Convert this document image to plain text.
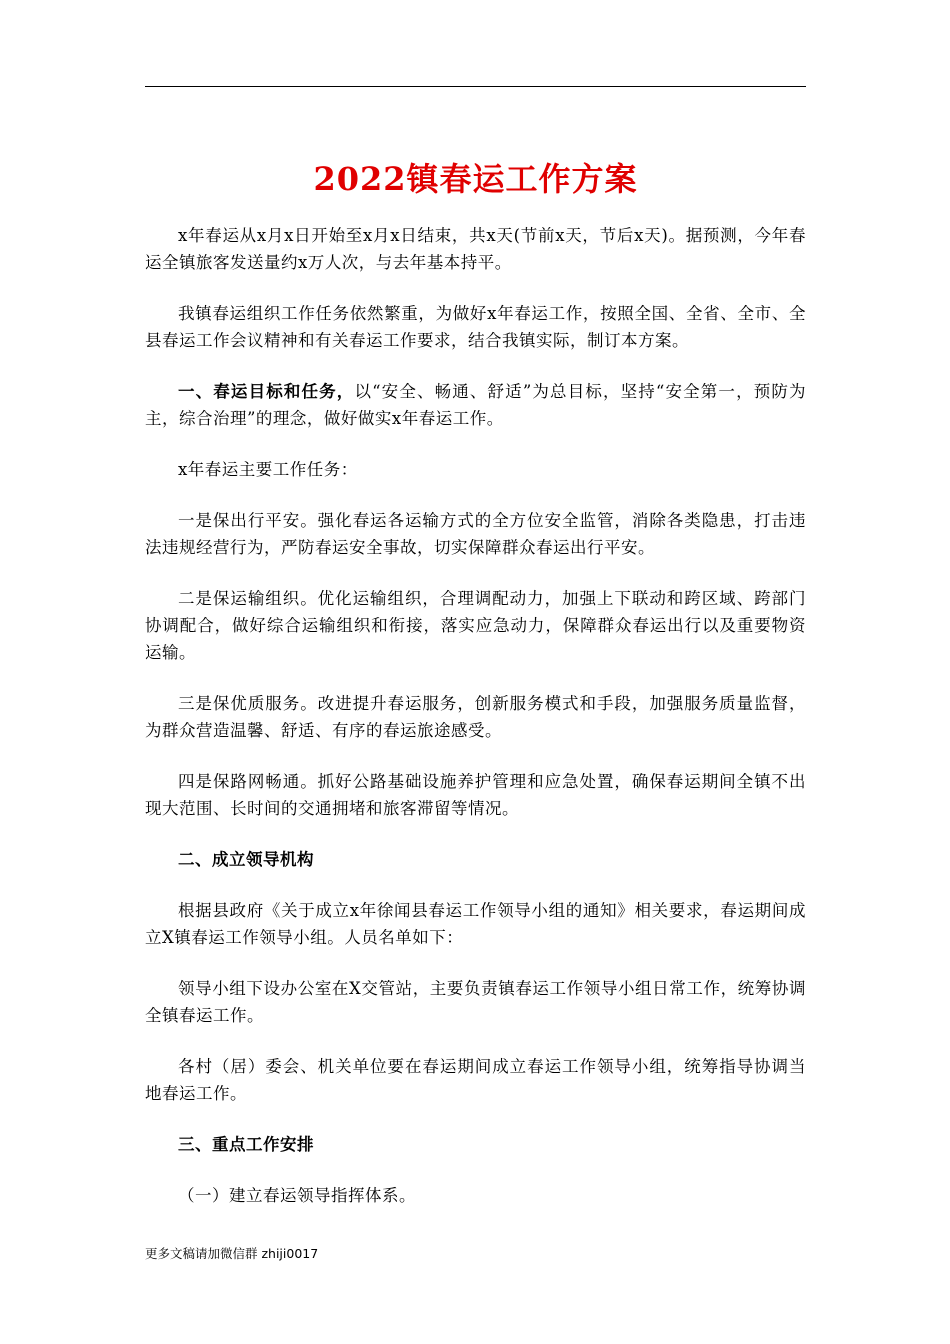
2022镇春运工作方案

x年春运从x月x日开始至x月x日结束，共x天(节前x天，节后x天)。据预测，今年春运全镇旅客发送量约x万人次，与去年基本持平。

我镇春运组织工作任务依然繁重，为做好x年春运工作，按照全国、全省、全市、全县春运工作会议精神和有关春运工作要求，结合我镇实际，制订本方案。

一、春运目标和任务，以“安全、畅通、舒适”为总目标，坚持“安全第一，预防为主，综合治理”的理念，做好做实x年春运工作。

x年春运主要工作任务：

一是保出行平安。强化春运各运输方式的全方位安全监管，消除各类隐患，打击违法违规经营行为，严防春运安全事故，切实保障群众春运出行平安。

二是保运输组织。优化运输组织，合理调配动力，加强上下联动和跨区域、跨部门协调配合，做好综合运输组织和衔接，落实应急动力，保障群众春运出行以及重要物资运输。

三是保优质服务。改进提升春运服务，创新服务模式和手段，加强服务质量监督，为群众营造温馨、舒适、有序的春运旅途感受。

四是保路网畅通。抓好公路基础设施养护管理和应急处置，确保春运期间全镇不出现大范围、长时间的交通拥堵和旅客滞留等情况。

二、成立领导机构

根据县政府《关于成立x年徐闻县春运工作领导小组的通知》相关要求，春运期间成立X镇春运工作领导小组。人员名单如下：

领导小组下设办公室在X交管站，主要负责镇春运工作领导小组日常工作，统筹协调全镇春运工作。

各村（居）委会、机关单位要在春运期间成立春运工作领导小组，统筹指导协调当地春运工作。

三、重点工作安排

（一）建立春运领导指挥体系。

更多文稿请加微信群 zhiji0017
